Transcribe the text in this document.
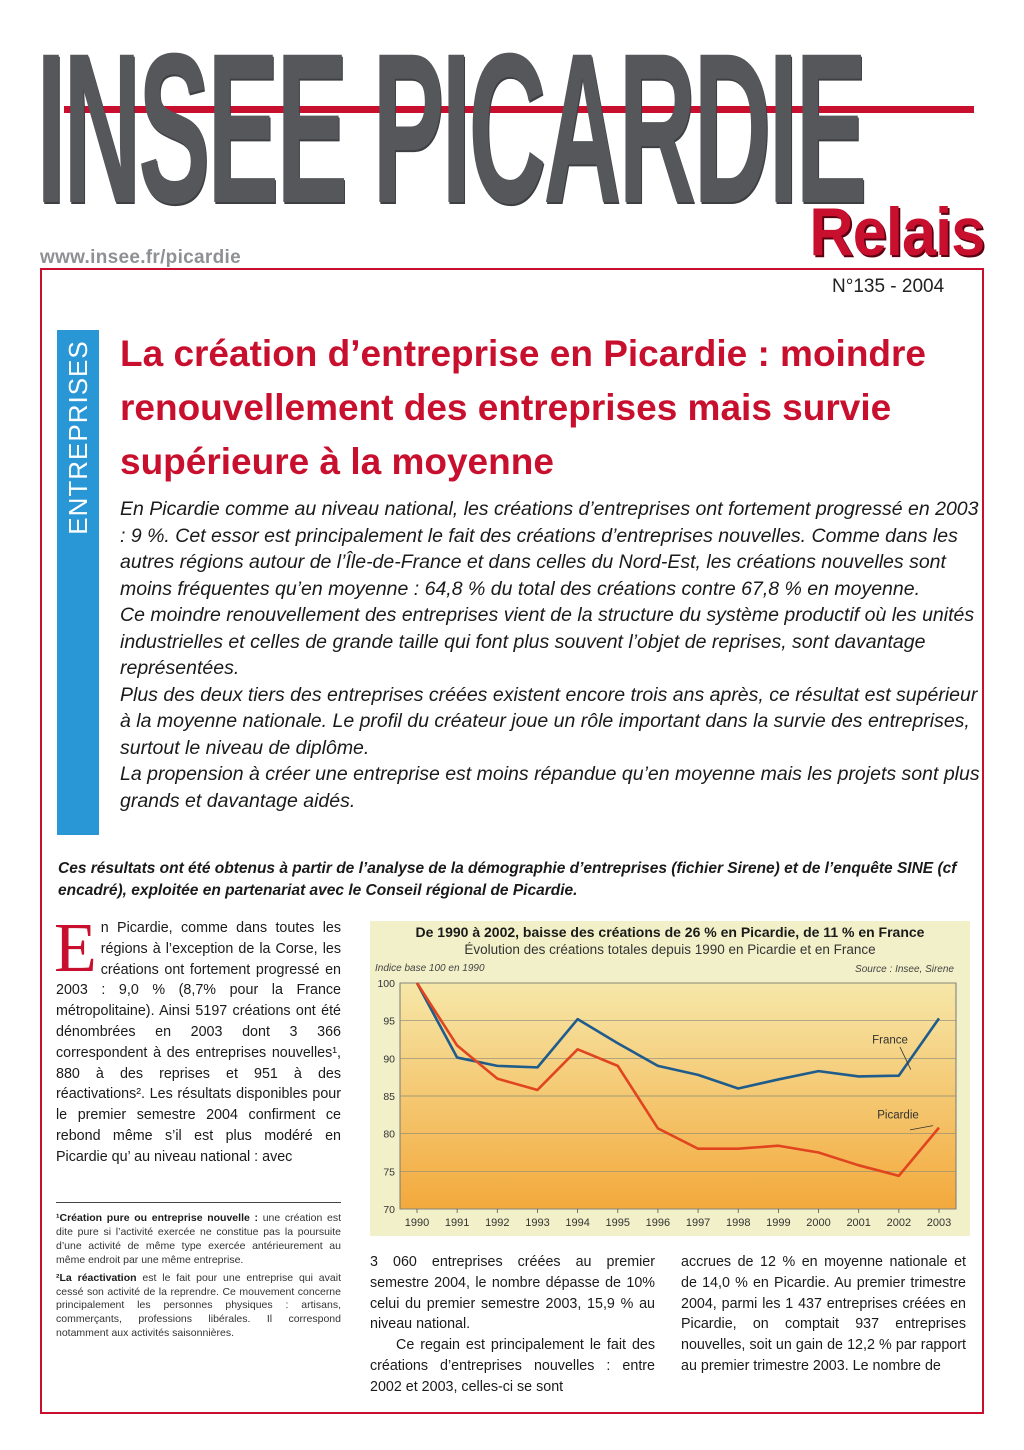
INSEE PICARDIE
Relais
www.insee.fr/picardie
N°135 - 2004
ENTREPRISES La création d’entreprise en Picardie : moindre renouvellement des entreprises mais survie supérieure à la moyenne

En Picardie comme au niveau national, les créations d’entreprises ont fortement progressé en 2003 : 9 %. Cet essor est principalement le fait des créations d’entreprises nouvelles. Comme dans les autres régions autour de l’Île-de-France et dans celles du Nord-Est, les créations nouvelles sont moins fréquentes qu’en moyenne : 64,8 % du total des créations contre 67,8 % en moyenne.

Ce moindre renouvellement des entreprises vient de la structure du système productif où les unités industrielles et celles de grande taille qui font plus souvent l’objet de reprises, sont davantage représentées.

Plus des deux tiers des entreprises créées existent encore trois ans après, ce résultat est supérieur à la moyenne nationale. Le profil du créateur joue un rôle important dans la survie des entreprises, surtout le niveau de diplôme.

La propension à créer une entreprise est moins répandue qu’en moyenne mais les projets sont plus grands et davantage aidés.

Ces résultats ont été obtenus à partir de l’analyse de la démographie d’entreprises (fichier Sirene) et de l’enquête SINE (cf encadré), exploitée en partenariat avec le Conseil régional de Picardie.
En Picardie, comme dans toutes les régions à l’exception de la Corse, les créations ont fortement progressé en 2003 : 9,0 % (8,7% pour la France métropolitaine). Ainsi 5197 créations ont été dénombrées en 2003 dont 3 366 correspondent à des entreprises nouvelles¹, 880 à des reprises et 951 à des réactivations². Les résultats disponibles pour le premier semestre 2004 confirment ce rebond même s’il est plus modéré en Picardie qu’ au niveau national : avec

¹Création pure ou entreprise nouvelle : une création est dite pure si l’activité exercée ne constitue pas la poursuite d’une activité de même type exercée antérieurement au même endroit par une même entreprise.

²La réactivation est le fait pour une entreprise qui avait cessé son activité de la reprendre. Ce mouvement concerne principalement les personnes physiques : artisans, commerçants, professions libérales. Il correspond notamment aux activités saisonnières.

70
75
80
85
90
95
100
1990 1991 1992 1993 1994 1995 1996 1997 1998 1999 2000 2001 2002 2003
France
Picardie
De 1990 à 2002, baisse des créations de 26 % en Picardie, de 11 % en France
Évolution des créations totales depuis 1990 en Picardie et en France
Indice base 100 en 1990	Source : Insee, Sirene

3 060 entreprises créées au premier semestre 2004, le nombre dépasse de 10% celui du premier semestre 2003, 15,9 % au niveau national.

Ce regain est principalement le fait des créations d’entreprises nouvelles : entre 2002 et 2003, celles-ci se sont

accrues de 12 % en moyenne nationale et de 14,0 % en Picardie. Au premier trimestre 2004, parmi les 1 437 entreprises créées en Picardie, on comptait 937 entreprises nouvelles, soit un gain de 12,2 % par rapport au premier trimestre 2003. Le nombre de
